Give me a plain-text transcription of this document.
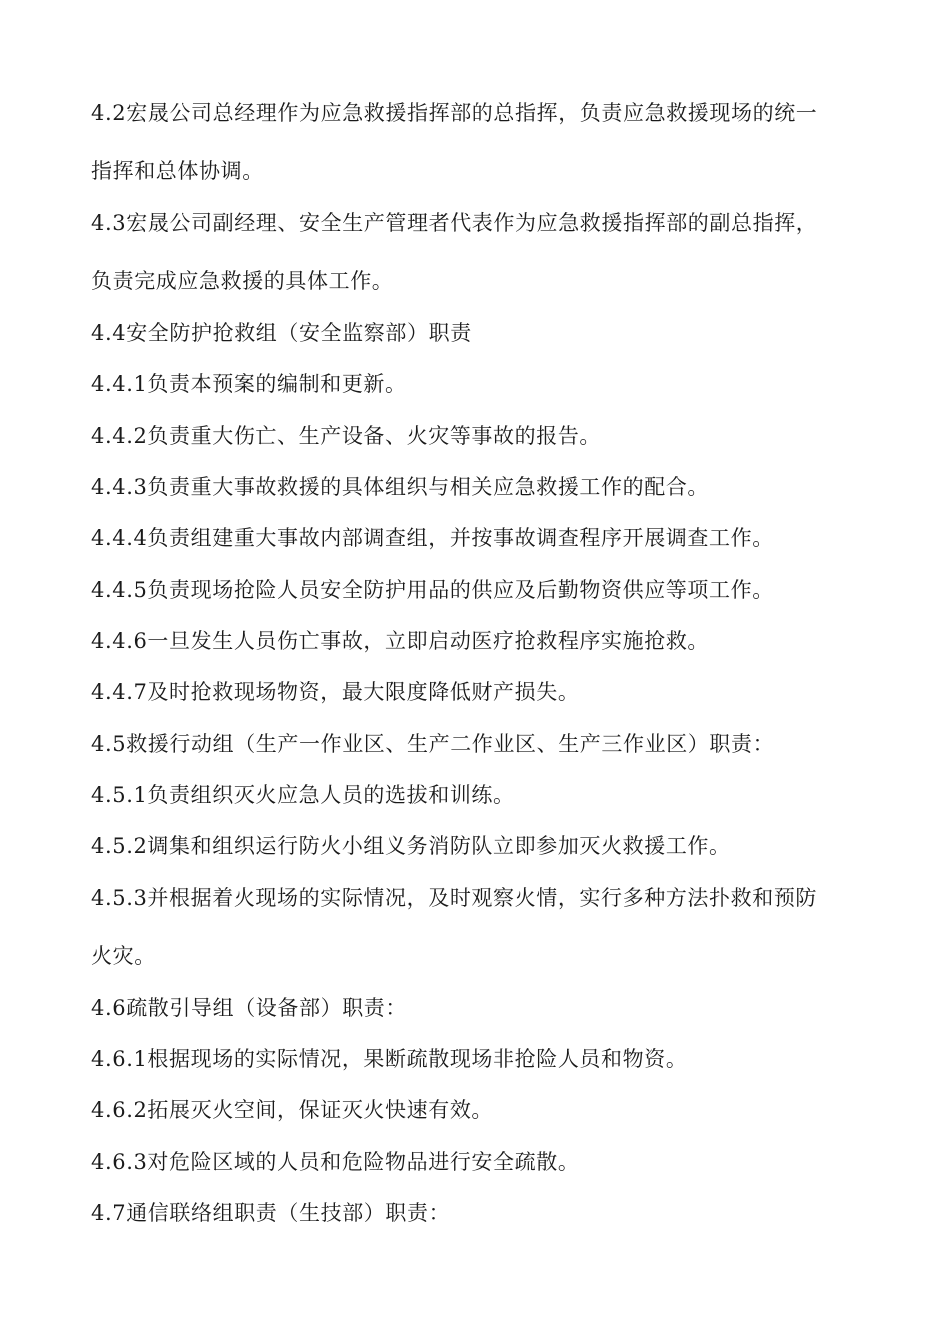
4.2宏晟公司总经理作为应急救援指挥部的总指挥，负责应急救援现场的统一
指挥和总体协调。
4.3宏晟公司副经理、安全生产管理者代表作为应急救援指挥部的副总指挥，
负责完成应急救援的具体工作。
4.4安全防护抢救组（安全监察部）职责
4.4.1负责本预案的编制和更新。
4.4.2负责重大伤亡、生产设备、火灾等事故的报告。
4.4.3负责重大事故救援的具体组织与相关应急救援工作的配合。
4.4.4负责组建重大事故内部调查组，并按事故调查程序开展调查工作。
4.4.5负责现场抢险人员安全防护用品的供应及后勤物资供应等项工作。
4.4.6一旦发生人员伤亡事故，立即启动医疗抢救程序实施抢救。
4.4.7及时抢救现场物资，最大限度降低财产损失。
4.5救援行动组（生产一作业区、生产二作业区、生产三作业区）职责：
4.5.1负责组织灭火应急人员的选拔和训练。
4.5.2调集和组织运行防火小组义务消防队立即参加灭火救援工作。
4.5.3并根据着火现场的实际情况，及时观察火情，实行多种方法扑救和预防
火灾。
4.6疏散引导组（设备部）职责：
4.6.1根据现场的实际情况，果断疏散现场非抢险人员和物资。
4.6.2拓展灭火空间，保证灭火快速有效。
4.6.3对危险区域的人员和危险物品进行安全疏散。
4.7通信联络组职责（生技部）职责：
